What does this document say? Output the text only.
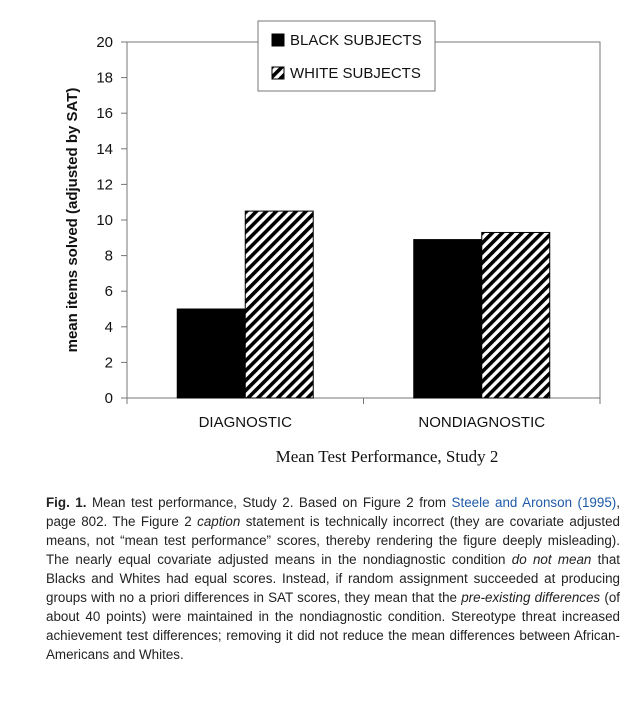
0
2
4
6
8
10
12
14
16
18
20
DIAGNOSTIC	NONDIAGNOSTIC
mean items solved (adjusted by SAT)
Mean Test Performance, Study 2
BLACK SUBJECTS
WHITE SUBJECTS
Fig. 1. Mean test performance, Study 2. Based on Figure 2 from Steele and Aronson (1995), page 802. The Figure 2 caption statement is technically incorrect (they are covariate adjusted means, not “mean test performance” scores, thereby rendering the figure deeply misleading). The nearly equal covariate adjusted means in the nondiagnostic condition do not mean that Blacks and Whites had equal scores. Instead, if random assignment succeeded at producing groups with no a priori differences in SAT scores, they mean that the pre-existing differences (of about 40 points) were maintained in the nondiagnostic condition. Stereotype threat increased achievement test differences; removing it did not reduce the mean differences between African-Americans and Whites.
